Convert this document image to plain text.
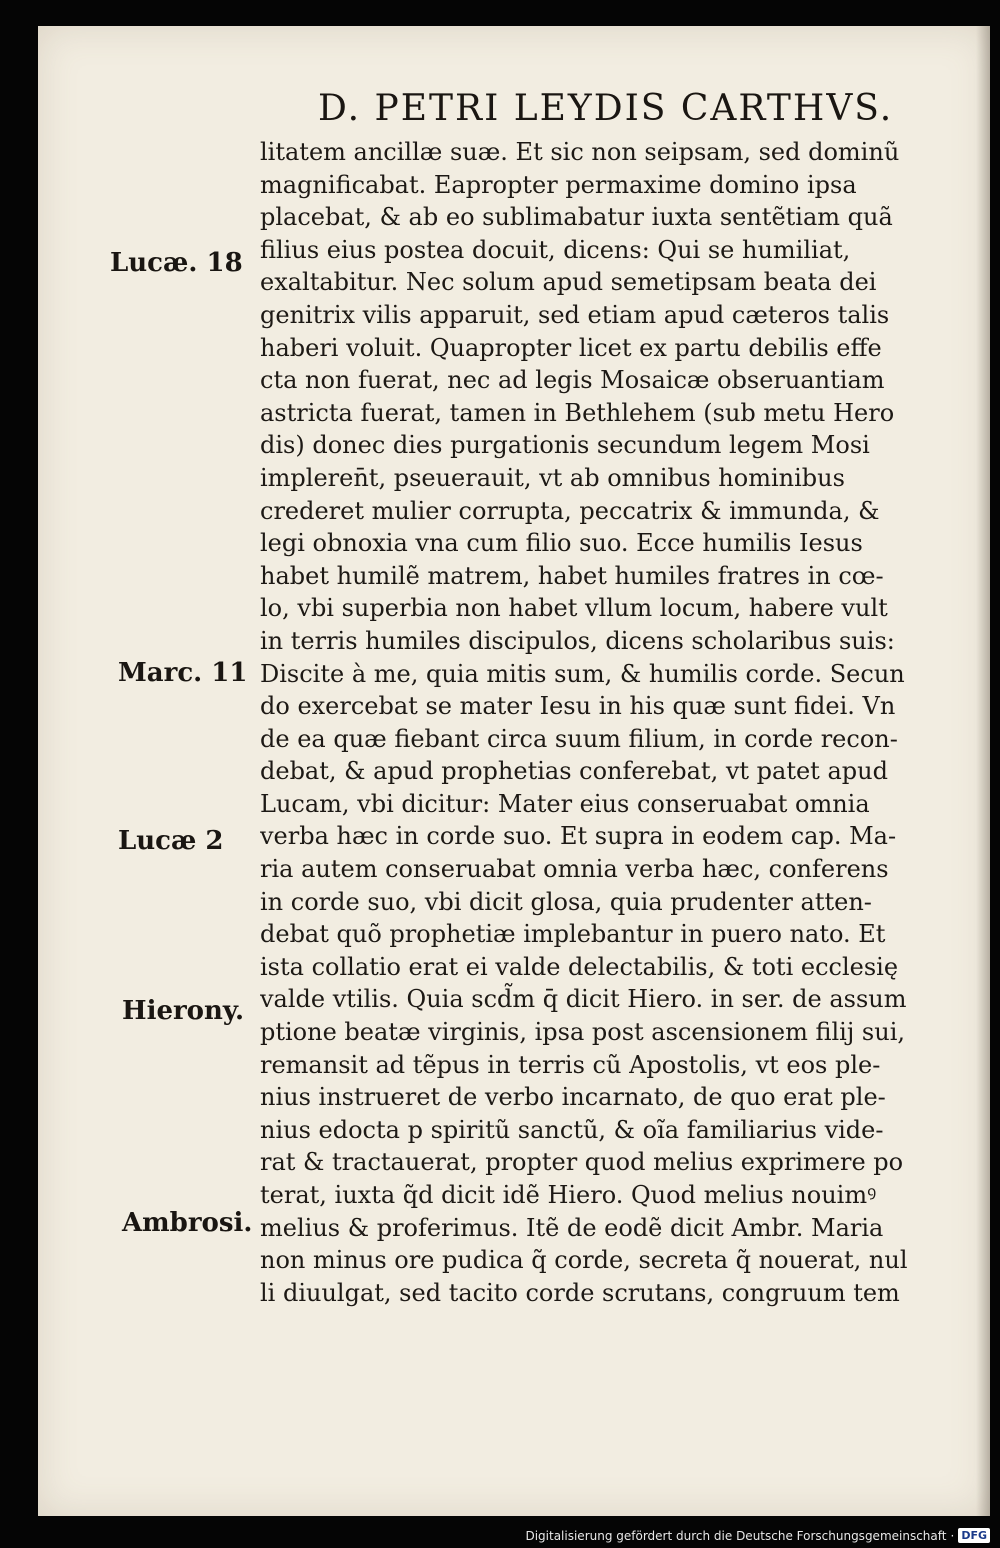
D. PETRI LEYDIS CARTHVS.
Lucæ. 18
Marc. 11
Lucæ 2
Hierony.
Ambrosi.
litatem ancillæ suæ. Et sic non seipsam, sed dominũ
magnificabat. Eapropter permaxime domino ipsa
placebat, & ab eo sublimabatur iuxta sentẽtiam quã
filius eius postea docuit, dicens: Qui se humiliat,
exaltabitur. Nec solum apud semetipsam beata dei
genitrix vilis apparuit, sed etiam apud cæteros talis
haberi voluit. Quapropter licet ex partu debilis effe
cta non fuerat, nec ad legis Mosaicæ obseruantiam
astricta fuerat, tamen in Bethlehem (sub metu Hero
dis) donec dies purgationis secundum legem Mosi
impleren̄t, pseuerauit, vt ab omnibus hominibus
crederet mulier corrupta, peccatrix & immunda, &
legi obnoxia vna cum filio suo. Ecce humilis Iesus
habet humilẽ matrem, habet humiles fratres in cœ-
lo, vbi superbia non habet vllum locum, habere vult
in terris humiles discipulos, dicens scholaribus suis:
Discite à me, quia mitis sum, & humilis corde. Secun
do exercebat se mater Iesu in his quæ sunt fidei. Vn
de ea quæ fiebant circa suum filium, in corde recon-
debat, & apud prophetias conferebat, vt patet apud
Lucam, vbi dicitur: Mater eius conseruabat omnia
verba hæc in corde suo. Et supra in eodem cap. Ma-
ria autem conseruabat omnia verba hæc, conferens
in corde suo, vbi dicit glosa, quia prudenter atten-
debat quõ prophetiæ implebantur in puero nato. Et
ista collatio erat ei valde delectabilis, & toti ecclesię
valde vtilis. Quia scd̃m q̄ dicit Hiero. in ser. de assum
ptione beatæ virginis, ipsa post ascensionem filij sui,
remansit ad tẽpus in terris cũ Apostolis, vt eos ple-
nius instrueret de verbo incarnato, de quo erat ple-
nius edocta p spiritũ sanctũ, & oĩa familiarius vide-
rat & tractauerat, propter quod melius exprimere po
terat, iuxta q̃d dicit idẽ Hiero. Quod melius nouimꝰ
melius & proferimus. Itẽ de eodẽ dicit Ambr. Maria
non minus ore pudica q̃ corde, secreta q̃ nouerat, nul
li diuulgat, sed tacito corde scrutans, congruum tem
Digitalisierung gefördert durch die Deutsche Forschungsgemeinschaft · DFG
